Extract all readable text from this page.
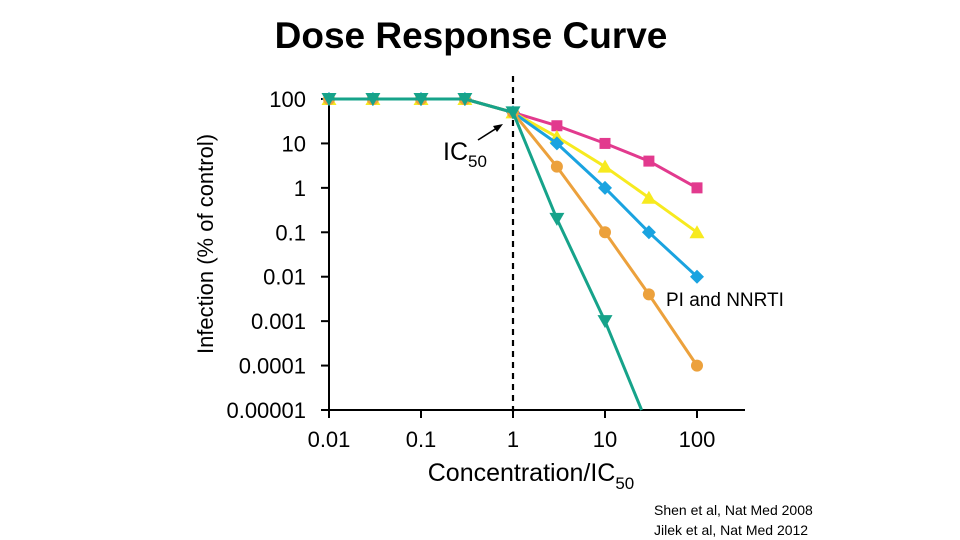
Dose Response Curve
Infection (% of control)
100
10
1
0.1
0.01
0.001
0.0001
0.00001
0.01	0.1	1	10	100
Concentration/$IC_{50}$
$IC_{50}$
PI and NNRTI
Shen et al, Nat Med 2008
Jilek et al, Nat Med 2012
